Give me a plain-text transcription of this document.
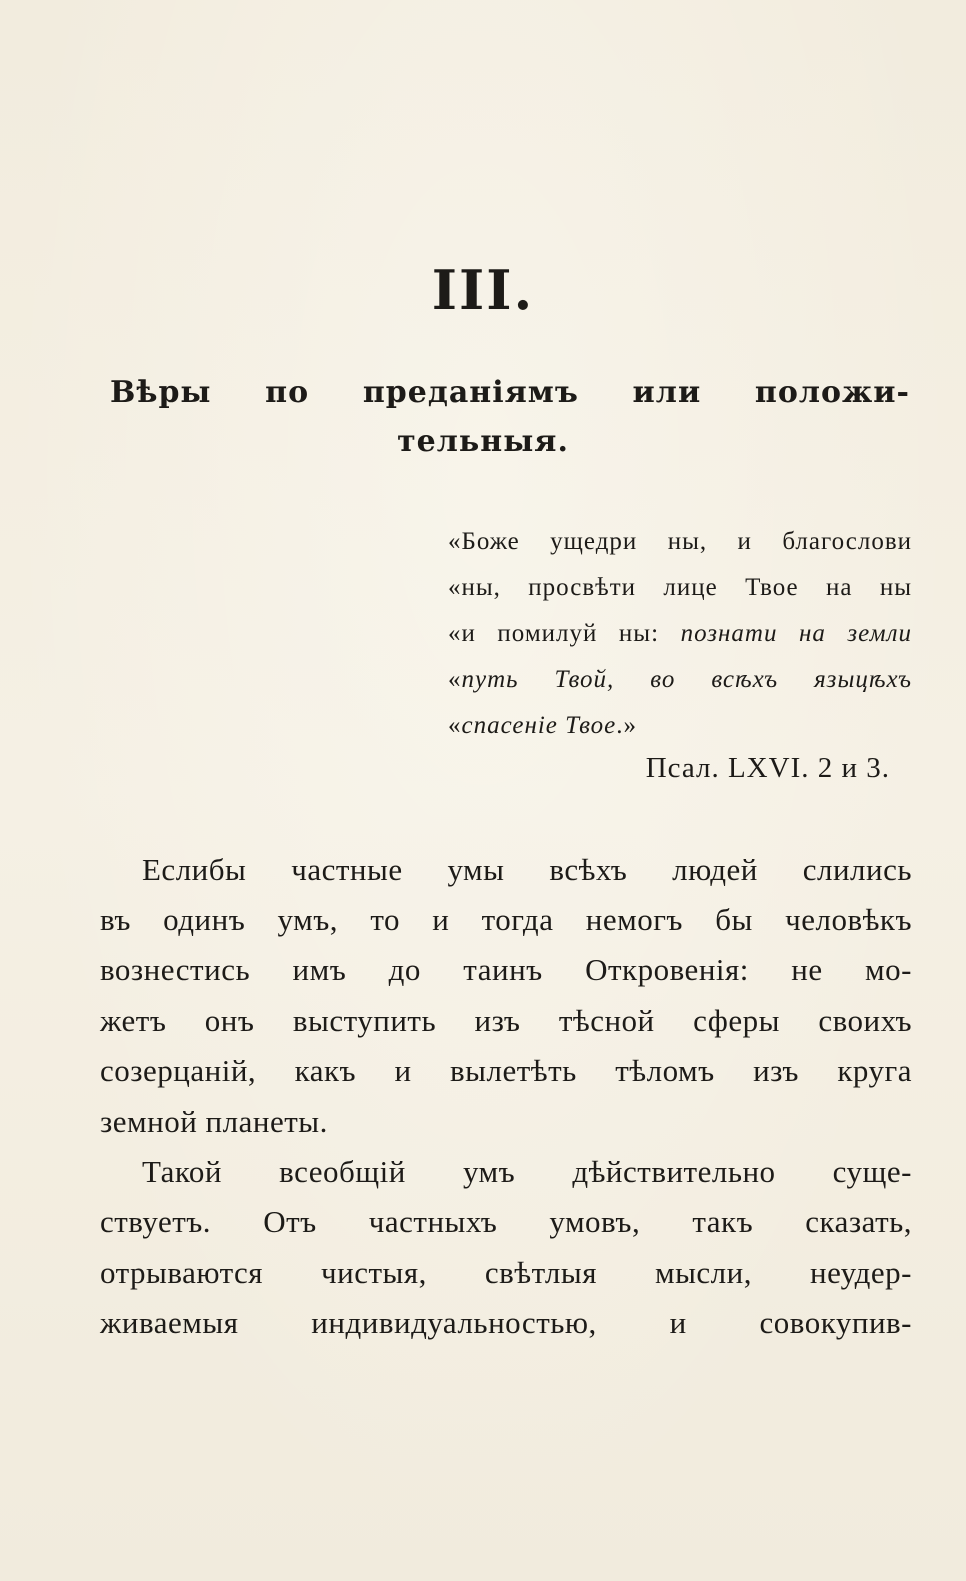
III.
Вѣры по преданіямъ или положи-
тельныя.
«Боже ущедри ны, и благослови
«ны, просвѣти лице Твое на ны
«и помилуй ны: познати на земли
«путь Твой, во всѣхъ языцѣхъ
«спасеніе Твое.»
Псал. LXVI. 2 и 3.
Еслибы частные умы всѣхъ людей слились
въ одинъ умъ, то и тогда немогъ бы человѣкъ
вознестись имъ до таинъ Откровенія: не мо-
жетъ онъ выступить изъ тѣсной сферы своихъ
созерцаній, какъ и вылетѣть тѣломъ изъ круга
земной планеты.
Такой всеобщій умъ дѣйствительно суще-
ствуетъ. Отъ частныхъ умовъ, такъ сказать,
отрываются чистыя, свѣтлыя мысли, неудер-
живаемыя индивидуальностью, и совокупив-
